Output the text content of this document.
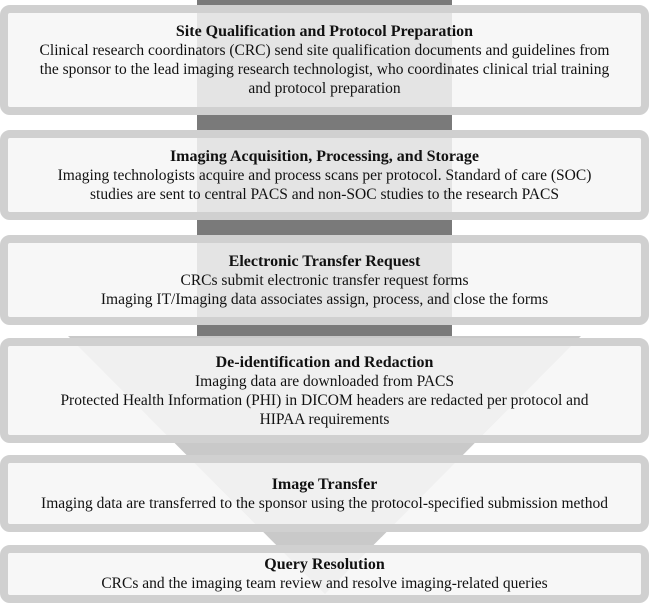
Site Qualification and Protocol Preparation

Clinical research coordinators (CRC) send site qualification documents and guidelines from

the sponsor to the lead imaging research technologist, who coordinates clinical trial training

and protocol preparation

Imaging Acquisition, Processing, and Storage

Imaging technologists acquire and process scans per protocol. Standard of care (SOC)

studies are sent to central PACS and non-SOC studies to the research PACS

Electronic Transfer Request

CRCs submit electronic transfer request forms

Imaging IT/Imaging data associates assign, process, and close the forms

De-identification and Redaction

Imaging data are downloaded from PACS

Protected Health Information (PHI) in DICOM headers are redacted per protocol and

HIPAA requirements

Image Transfer

Imaging data are transferred to the sponsor using the protocol-specified submission method

Query Resolution

CRCs and the imaging team review and resolve imaging-related queries
